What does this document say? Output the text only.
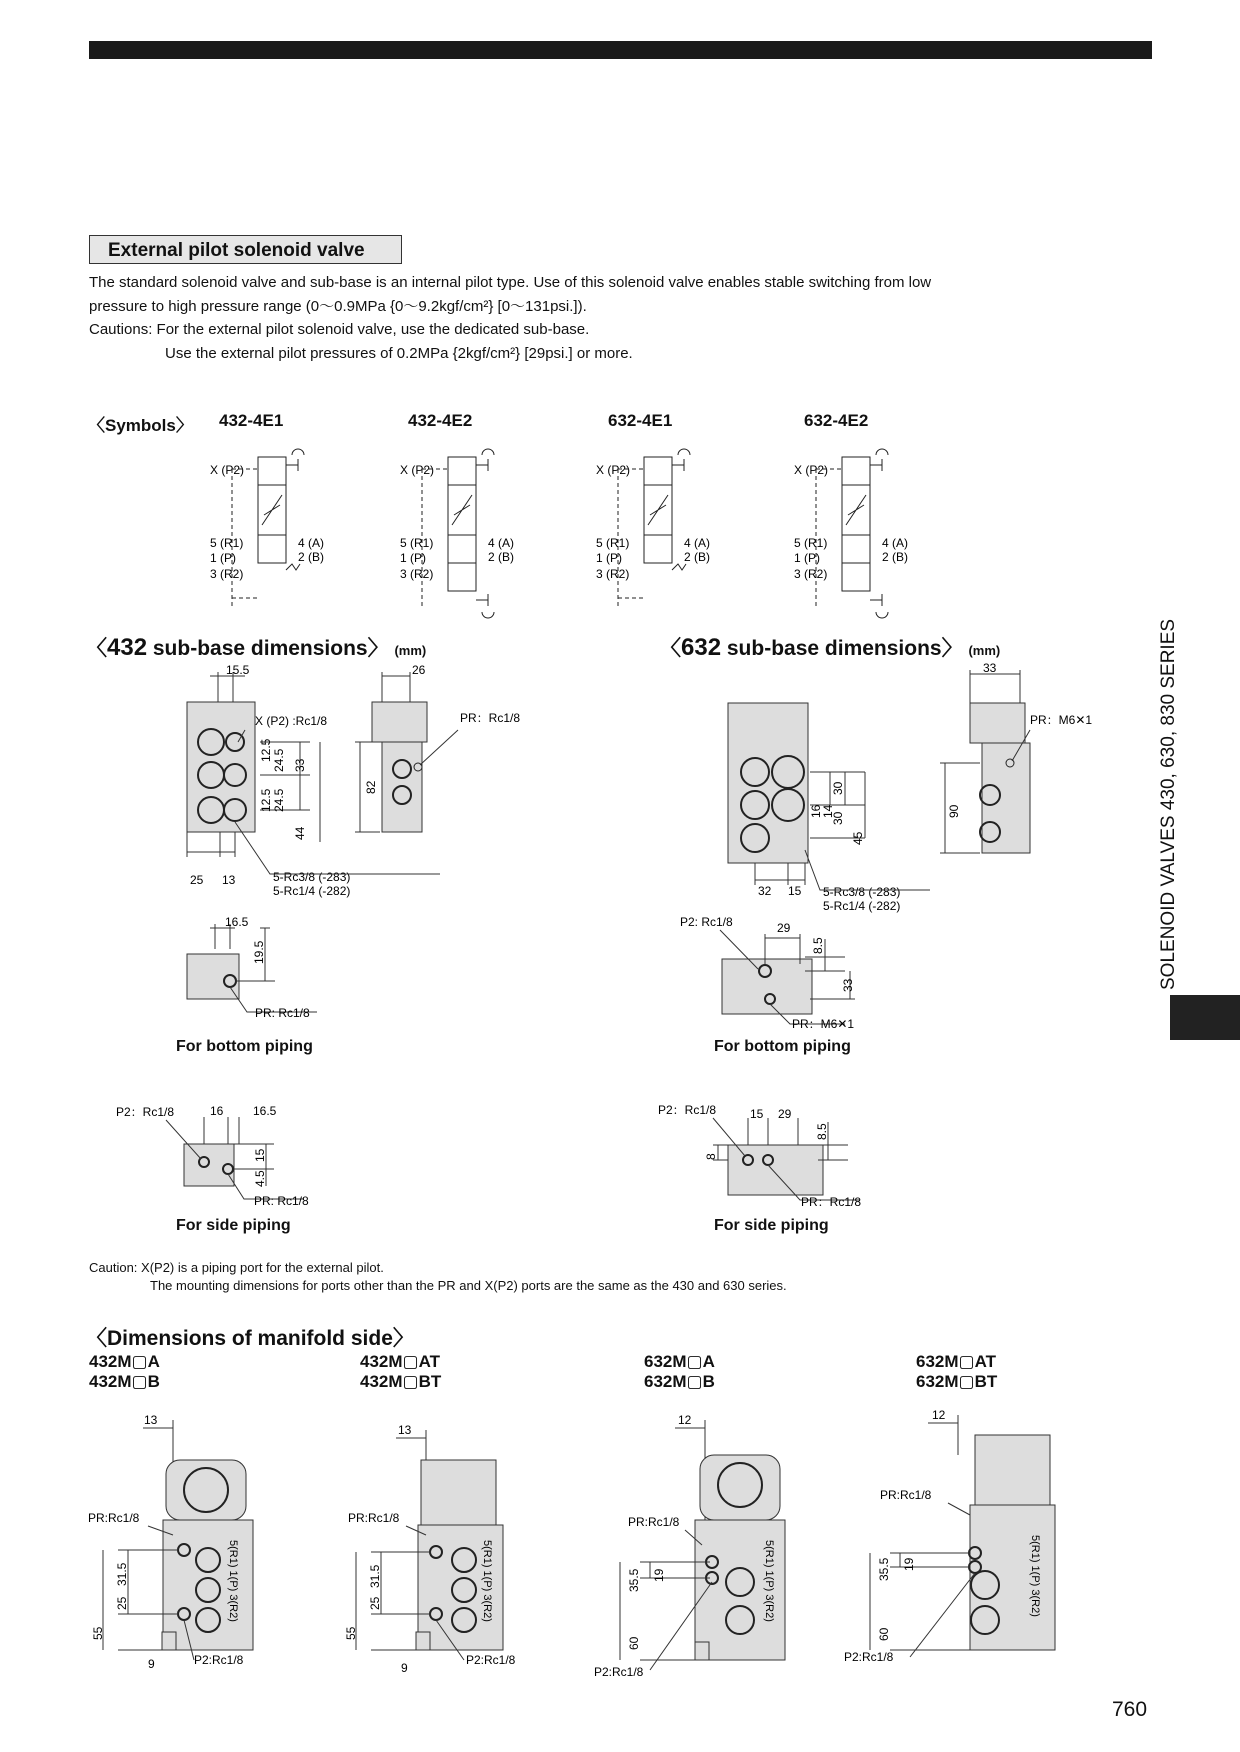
External pilot solenoid valve
The standard solenoid valve and sub-base is an internal pilot type. Use of this solenoid valve enables stable switching from low
pressure to high pressure range (0～0.9MPa {0～9.2kgf/cm²} [0～131psi.]).
Cautions: For the external pilot solenoid valve, use the dedicated sub-base.
Use the external pilot pressures of 0.2MPa {2kgf/cm²} [29psi.] or more.
〈Symbols〉 432-4E1	432-4E2	632-4E1	632-4E2
X (P2)
5 (R1)
1 (P)
3 (R2)
4 (A)
2 (B)
X (P2)
5 (R1)
1 (P)
3 (R2)
4 (A)
2 (B)
X (P2)
5 (R1)
1 (P)
3 (R2)
4 (A)
2 (B)
X (P2)
5 (R1)
1 (P)
3 (R2)
4 (A)
2 (B)
〈432 sub-base dimensions〉 (mm)	〈632 sub-base dimensions〉 (mm)
15.5
X (P2) :Rc1/8
12.5 24.5 33
12.5 24.5
44
25 13	5-Rc3/8 (-283)
5-Rc1/4 (-282)
26
PR：Rc1/8
82	30
16
14
30
45
32 15 5-Rc3/8 (-283)
5-Rc1/4 (-282)
33
PR：M6✕1
90
16.5
19.5
PR: Rc1/8
For bottom piping
P2: Rc1/8	29
8.5
33
PR：M6✕1
For bottom piping
P2：Rc1/8	16 16.5
15
4.5
PR: Rc1/8
For side piping
P2：Rc1/8	15 29
8.5
8
PR：Rc1/8
For side piping
Caution: X(P2) is a piping port for the external pilot.
The mounting dimensions for ports other than the PR and X(P2) ports are the same as the 430 and 630 series.
〈Dimensions of manifold side〉
432M▢A
432M▢B
432M▢AT
432M▢BT
632M▢A
632M▢B
632M▢AT
632M▢BT
13
PR:Rc1/8
P2:Rc1/8
31.5
25
55
9
5(R1) 1(P) 3(R2)
13
PR:Rc1/8
P2:Rc1/8
31.5
25
55
9
5(R1) 1(P) 3(R2)
12
PR:Rc1/8
P2:Rc1/8
35.5 19
60
5(R1) 1(P) 3(R2)
12
PR:Rc1/8
P2:Rc1/8
35.5 19
60
5(R1) 1(P) 3(R2)
SOLENOID VALVES 430, 630, 830 SERIES
760
